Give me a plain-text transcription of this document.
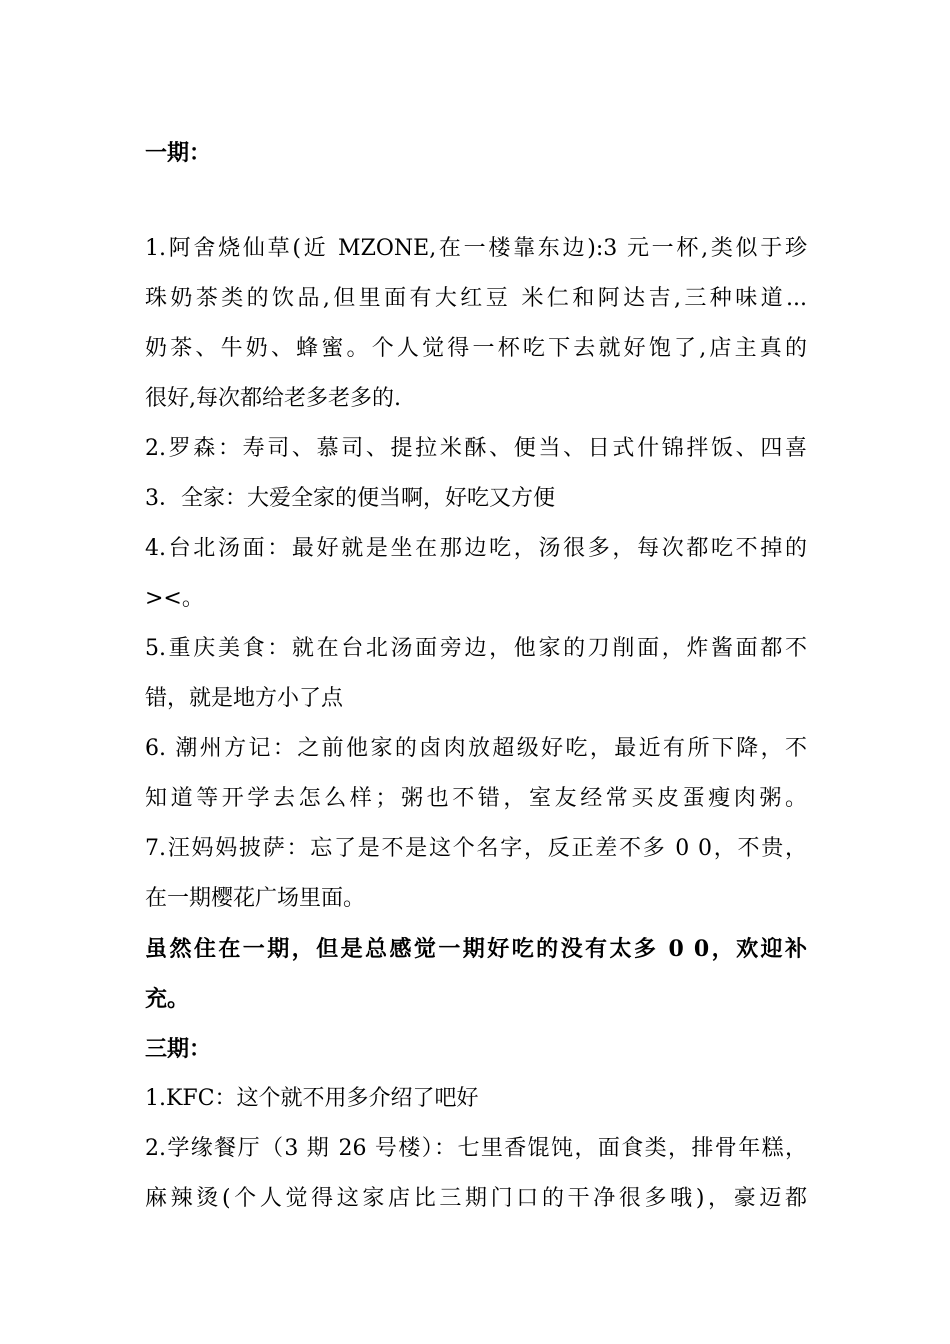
一期：
1.阿舍烧仙草(近 MZONE,在一楼靠东边):3 元一杯,类似于珍
珠奶茶类的饮品,但里面有大红豆 米仁和阿达吉,三种味道...
奶茶、牛奶、蜂蜜。个人觉得一杯吃下去就好饱了,店主真的
很好,每次都给老多老多的.
2.罗森：寿司、慕司、提拉米酥、便当、日式什锦拌饭、四喜
3．全家：大爱全家的便当啊，好吃又方便
4.台北汤面：最好就是坐在那边吃，汤很多，每次都吃不掉的
><。
5.重庆美食：就在台北汤面旁边，他家的刀削面，炸酱面都不
错，就是地方小了点
6. 潮州方记：之前他家的卤肉放超级好吃，最近有所下降，不
知道等开学去怎么样；粥也不错，室友经常买皮蛋瘦肉粥。
7.汪妈妈披萨：忘了是不是这个名字，反正差不多 0 0，不贵，
在一期樱花广场里面。
虽然住在一期，但是总感觉一期好吃的没有太多 0 0，欢迎补
充。
三期：
1.KFC：这个就不用多介绍了吧好
2.学缘餐厅（3 期 26 号楼）：七里香馄饨，面食类，排骨年糕，
麻辣烫(个人觉得这家店比三期门口的干净很多哦)，豪迈都
